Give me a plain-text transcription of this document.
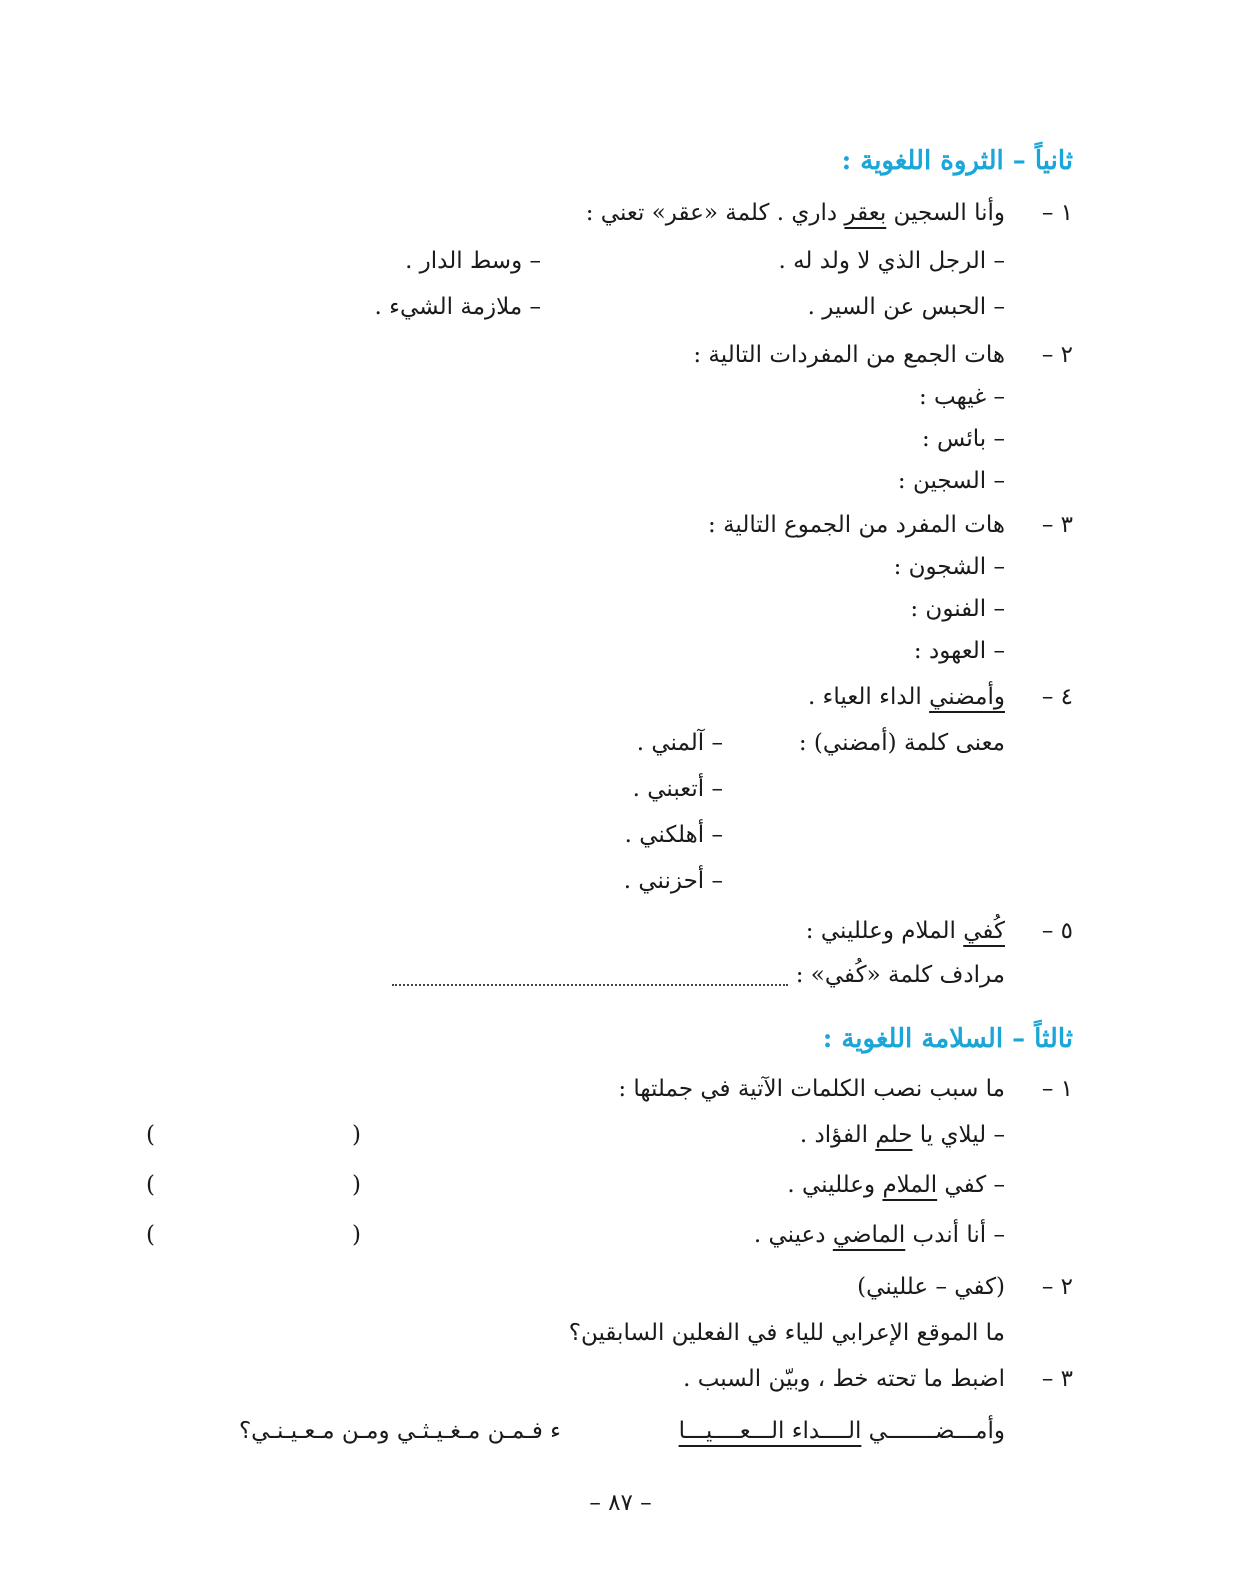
ثانياً – الثروة اللغوية :
١ –
وأنا السجين بعقر داري . كلمة «عقر» تعني :
– الرجل الذي لا ولد له .
– وسط الدار .
– الحبس عن السير .
– ملازمة الشيء .
٢ –
هات الجمع من المفردات التالية :
– غيهب :
– بائس :
– السجين :
٣ –
هات المفرد من الجموع التالية :
– الشجون :
– الفنون :
– العهود :
٤ –
وأمضني الداء العياء .
معنى كلمة (أمضني) :
– آلمني .
– أتعبني .
– أهلكني .
– أحزنني .
٥ –
كُفي الملام وعلليني :
مرادف كلمة «كُفي» :
ثالثاً – السلامة اللغوية :
١ –
ما سبب نصب الكلمات الآتية في جملتها :
– ليلاي يا حلم الفؤاد .
– كفي الملام وعلليني .
– أنا أندب الماضي دعيني .
)
(
)
(
)
(
٢ –
(كفي – علليني)
ما الموقع الإعرابي للياء في الفعلين السابقين؟
٣ –
اضبط ما تحته خط ، وبيّن السبب .
وأمـــضـــــــي الــــداء الـــعــــيـــا
ء فـمـن مـغـيـثـي ومـن مـعـيـنـي؟
– ٨٧ –
